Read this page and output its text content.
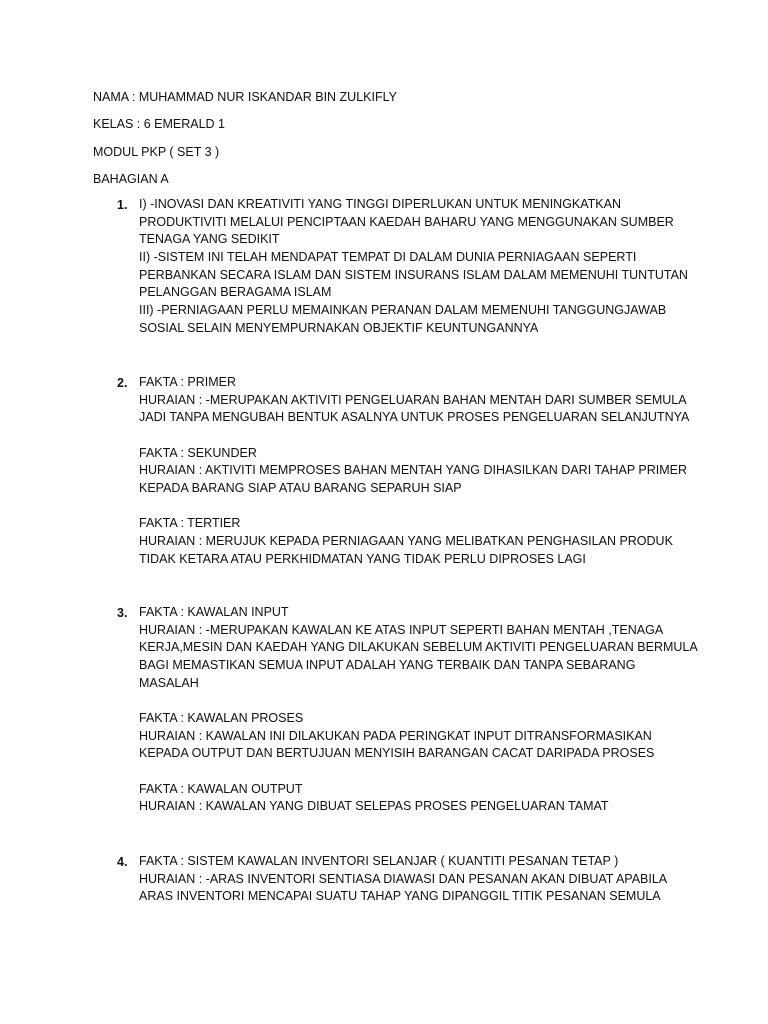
NAMA : MUHAMMAD NUR ISKANDAR BIN ZULKIFLY
KELAS : 6 EMERALD 1
MODUL PKP ( SET 3 )
BAHAGIAN A
1. I) -INOVASI DAN KREATIVITI YANG TINGGI DIPERLUKAN UNTUK MENINGKATKAN
PRODUKTIVITI MELALUI PENCIPTAAN KAEDAH BAHARU YANG MENGGUNAKAN SUMBER
TENAGA YANG SEDIKIT
II) -SISTEM INI TELAH MENDAPAT TEMPAT DI DALAM DUNIA PERNIAGAAN SEPERTI
PERBANKAN SECARA ISLAM DAN SISTEM INSURANS ISLAM DALAM MEMENUHI TUNTUTAN
PELANGGAN BERAGAMA ISLAM
III) -PERNIAGAAN PERLU MEMAINKAN PERANAN DALAM MEMENUHI TANGGUNGJAWAB
SOSIAL SELAIN MENYEMPURNAKAN OBJEKTIF KEUNTUNGANNYA
2. FAKTA : PRIMER
HURAIAN : -MERUPAKAN AKTIVITI PENGELUARAN BAHAN MENTAH DARI SUMBER SEMULA
JADI TANPA MENGUBAH BENTUK ASALNYA UNTUK PROSES PENGELUARAN SELANJUTNYA
FAKTA : SEKUNDER
HURAIAN : AKTIVITI MEMPROSES BAHAN MENTAH YANG DIHASILKAN DARI TAHAP PRIMER
KEPADA BARANG SIAP ATAU BARANG SEPARUH SIAP
FAKTA : TERTIER
HURAIAN : MERUJUK KEPADA PERNIAGAAN YANG MELIBATKAN PENGHASILAN PRODUK
TIDAK KETARA ATAU PERKHIDMATAN YANG TIDAK PERLU DIPROSES LAGI
3. FAKTA : KAWALAN INPUT
HURAIAN : -MERUPAKAN KAWALAN KE ATAS INPUT SEPERTI BAHAN MENTAH ,TENAGA
KERJA,MESIN DAN KAEDAH YANG DILAKUKAN SEBELUM AKTIVITI PENGELUARAN BERMULA
BAGI MEMASTIKAN SEMUA INPUT ADALAH YANG TERBAIK DAN TANPA SEBARANG
MASALAH
FAKTA : KAWALAN PROSES
HURAIAN : KAWALAN INI DILAKUKAN PADA PERINGKAT INPUT DITRANSFORMASIKAN
KEPADA OUTPUT DAN BERTUJUAN MENYISIH BARANGAN CACAT DARIPADA PROSES
FAKTA : KAWALAN OUTPUT
HURAIAN : KAWALAN YANG DIBUAT SELEPAS PROSES PENGELUARAN TAMAT
4. FAKTA : SISTEM KAWALAN INVENTORI SELANJAR ( KUANTITI PESANAN TETAP )
HURAIAN : -ARAS INVENTORI SENTIASA DIAWASI DAN PESANAN AKAN DIBUAT APABILA
ARAS INVENTORI MENCAPAI SUATU TAHAP YANG DIPANGGIL TITIK PESANAN SEMULA
